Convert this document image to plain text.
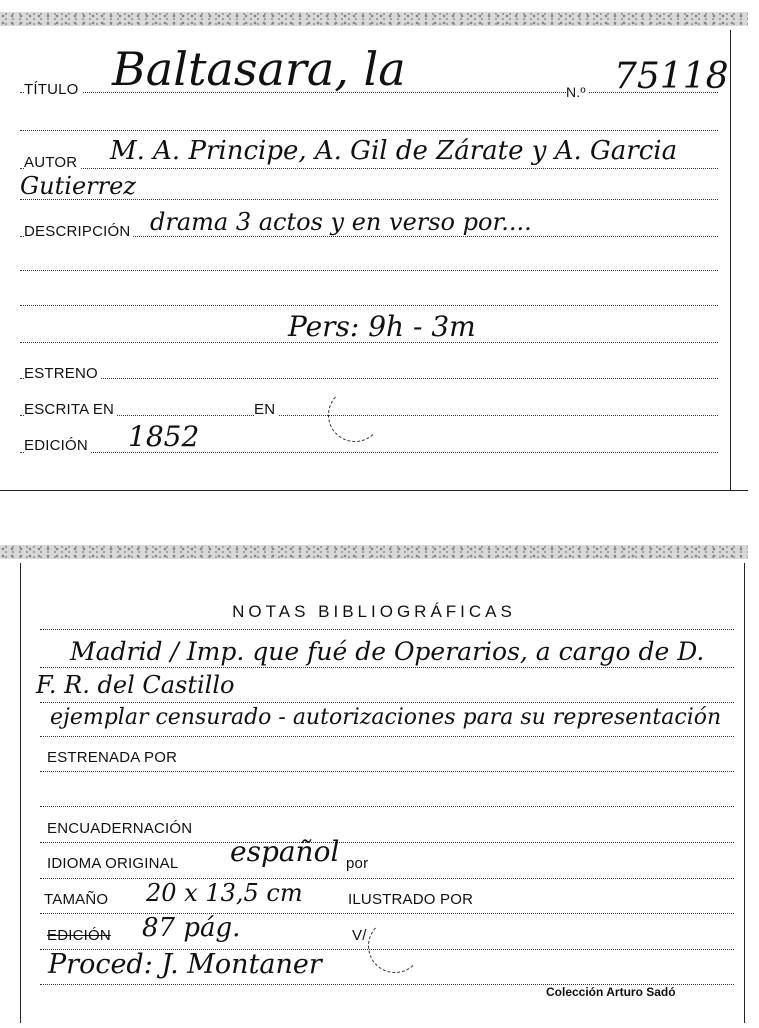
TÍTULO Baltasara, la	N.º 75118
AUTOR M. A. Principe, A. Gil de Zárate y A. Garcia
Gutierrez
DESCRIPCIÓN drama 3 actos y en verso por....
Pers: 9h - 3m
ESTRENO
ESCRITA EN	EN
EDICIÓN 1852
NOTAS BIBLIOGRÁFICAS
Madrid / Imp. que fué de Operarios, a cargo de D.
F. R. del Castillo
ejemplar censurado - autorizaciones para su representación
ESTRENADA POR
ENCUADERNACIÓN
IDIOMA ORIGINAL español por
TAMAÑO 20 x 13,5 cm	ILUSTRADO POR
EDICIÓN 87 pág.	V/
Proced: J. Montaner
Colección Arturo Sadó
